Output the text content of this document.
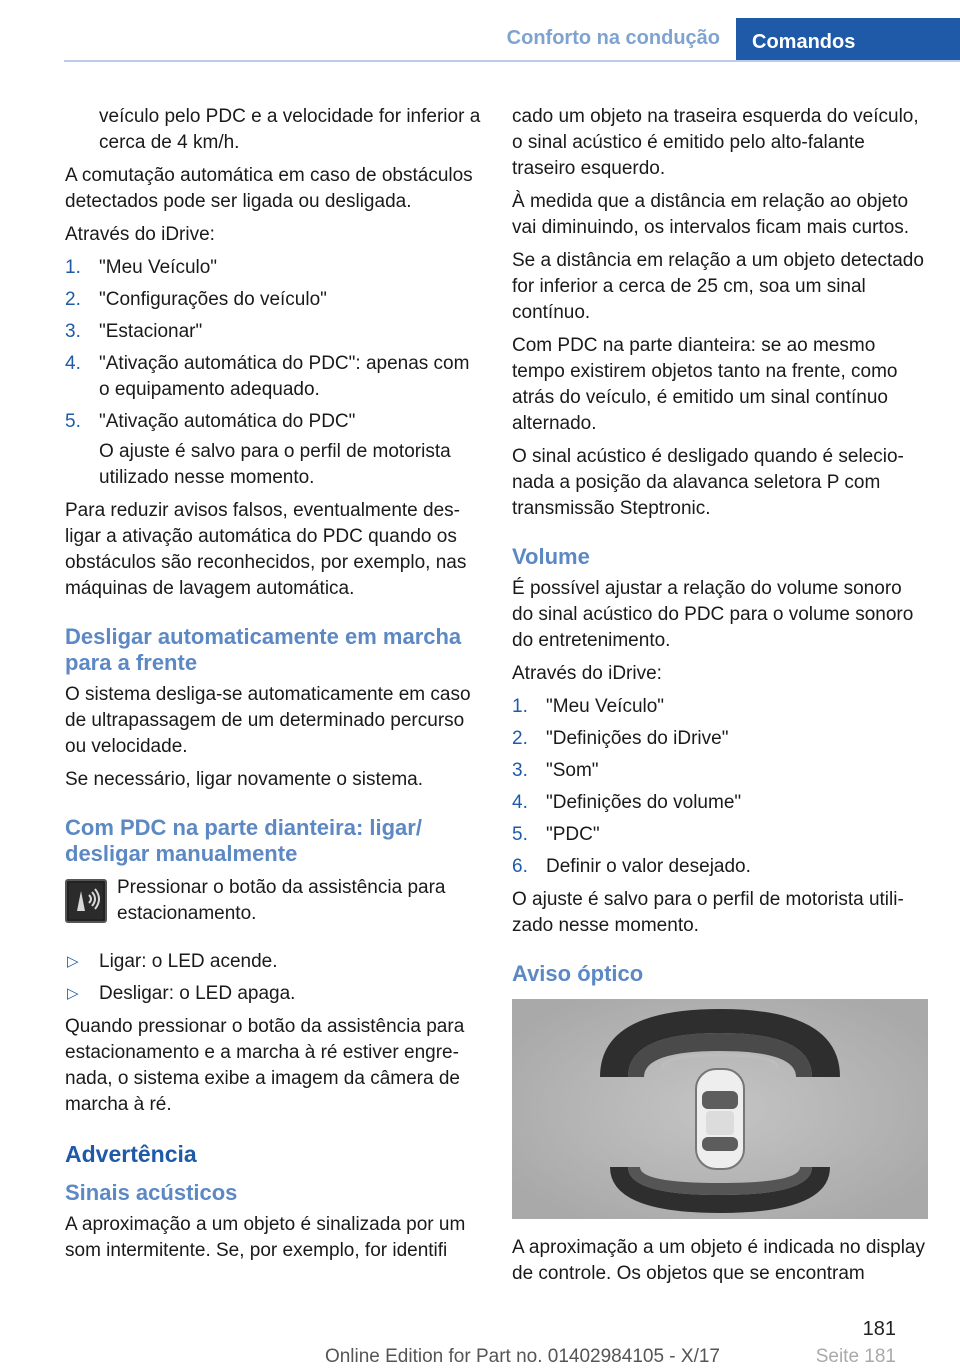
Conforto na condução	Comandos

veículo pelo PDC e a velocidade for inferior a cerca de 4 km/h.

A comutação automática em caso de obstáculos detectados pode ser ligada ou desligada.

Através do iDrive:

1. "Meu Veículo"
2. "Configurações do veículo"
3. "Estacionar"
4. "Ativação automática do PDC": apenas com o equipamento adequado.
5. "Ativação automática do PDC"
O ajuste é salvo para o perfil de motorista utilizado nesse momento.

Para reduzir avisos falsos, eventualmente desligar a ativação automática do PDC quando os obstáculos são reconhecidos, por exemplo, nas máquinas de lavagem automática.

Desligar automaticamente em marcha para a frente

O sistema desliga-se automaticamente em caso de ultrapassagem de um determinado percurso ou velocidade.

Se necessário, ligar novamente o sistema.

Com PDC na parte dianteira: ligar/ desligar manualmente
Pressionar o botão da assistência para estacionamento.
▷ Ligar: o LED acende.
▷ Desligar: o LED apaga.

Quando pressionar o botão da assistência para estacionamento e a marcha à ré estiver engrenada, o sistema exibe a imagem da câmera de marcha à ré.

Advertência
Sinais acústicos

A aproximação a um objeto é sinalizada por um som intermitente. Se, por exemplo, for identifi

cado um objeto na traseira esquerda do veículo, o sinal acústico é emitido pelo alto-falante traseiro esquerdo.

À medida que a distância em relação ao objeto vai diminuindo, os intervalos ficam mais curtos.

Se a distância em relação a um objeto detectado for inferior a cerca de 25 cm, soa um sinal contínuo.

Com PDC na parte dianteira: se ao mesmo tempo existirem objetos tanto na frente, como atrás do veículo, é emitido um sinal contínuo alternado.

O sinal acústico é desligado quando é selecionada a posição da alavanca seletora P com transmissão Steptronic.

Volume

É possível ajustar a relação do volume sonoro do sinal acústico do PDC para o volume sonoro do entretenimento.

Através do iDrive:

1. "Meu Veículo"
2. "Definições do iDrive"
3. "Som"
4. "Definições do volume"
5. "PDC"
6. Definir o valor desejado.

O ajuste é salvo para o perfil de motorista utilizado nesse momento.

Aviso óptico

A aproximação a um objeto é indicada no display de controle. Os objetos que se encontram

181
Online Edition for Part no. 01402984105 - X/17	Seite 181
